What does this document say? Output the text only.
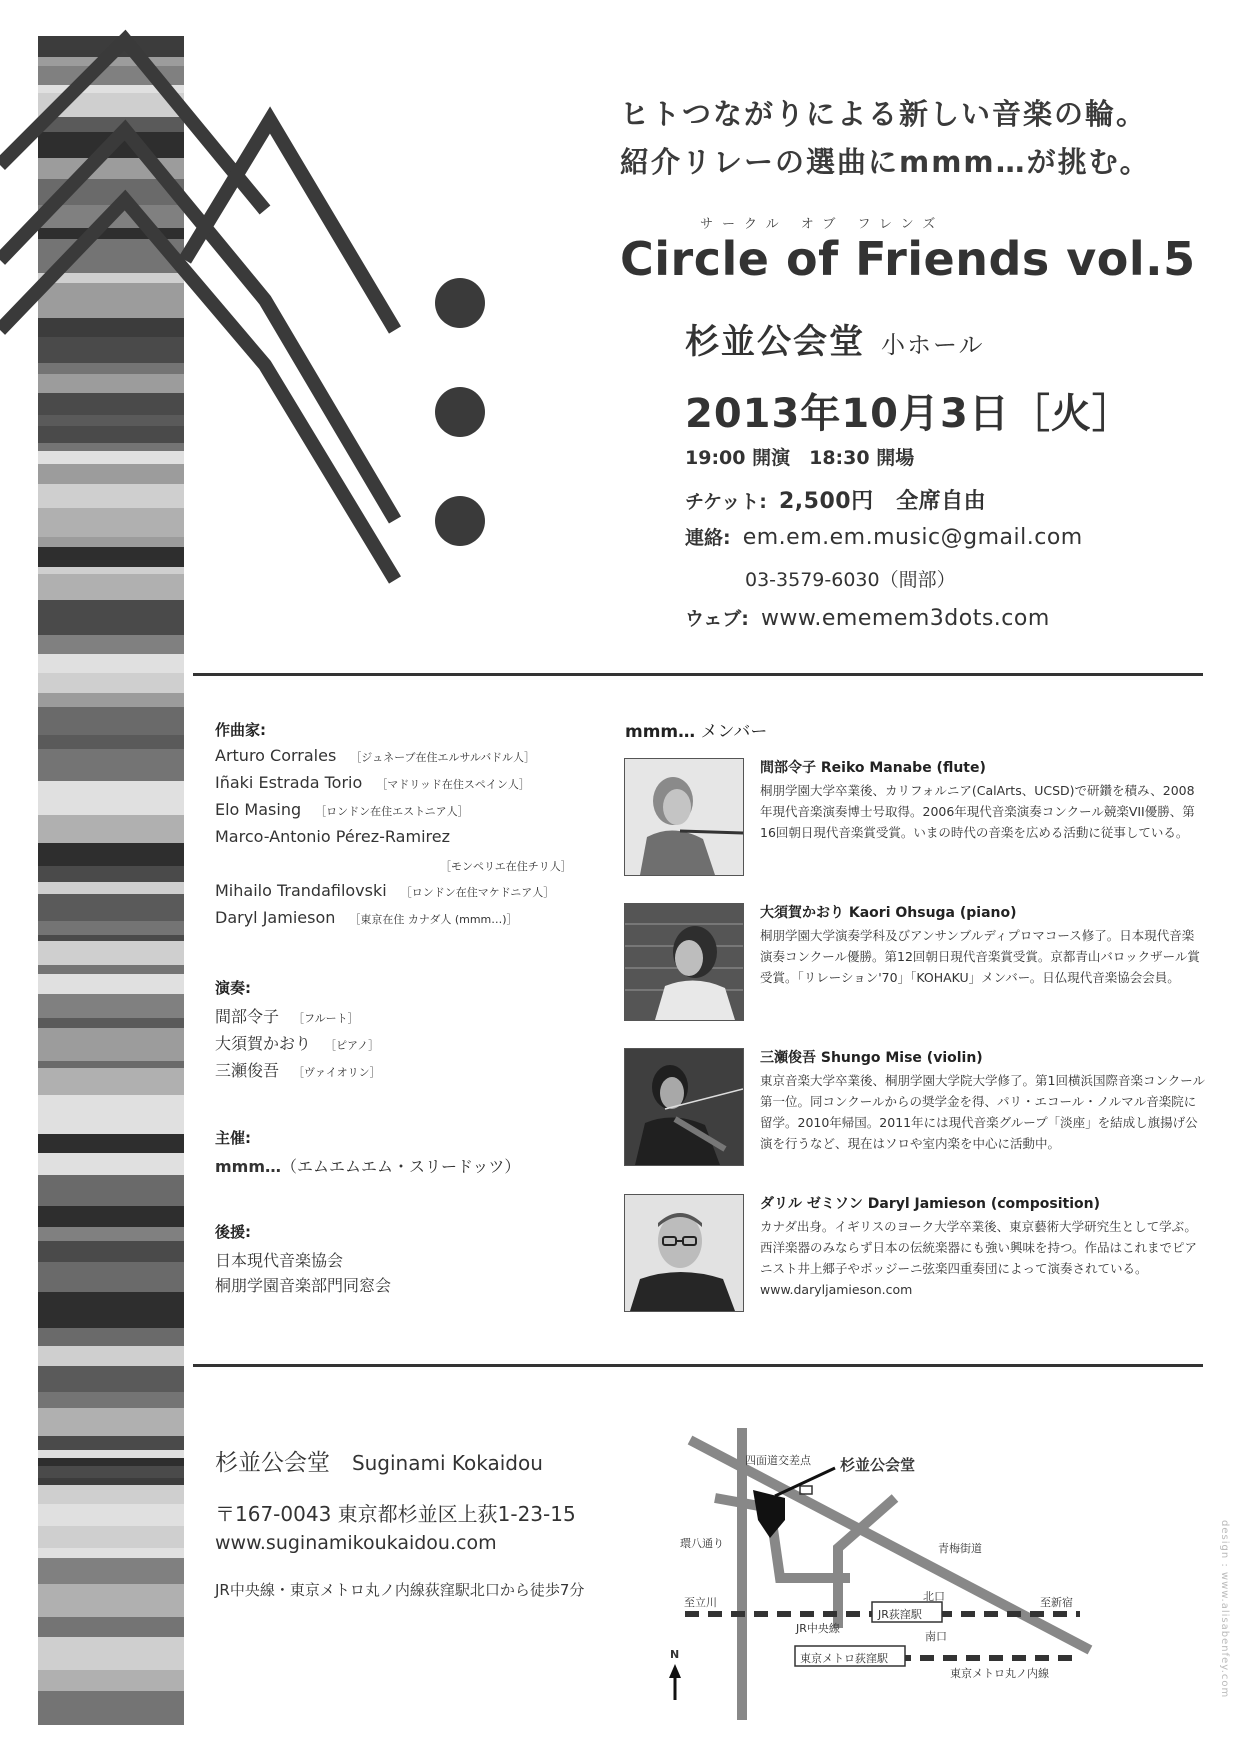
ヒトつながりによる新しい音楽の輪。
紹介リレーの選曲にmmm…が挑む。
サークル オブ フレンズ
Circle of Friends vol.5
杉並公会堂 小ホール
2013年10月3日［火］
19:00 開演　18:30 開場
チケット: 2,500円　全席自由
連絡: em.em.em.music@gmail.com
03-3579-6030（間部）
ウェブ: www.ememem3dots.com
作曲家:
Arturo Corrales ［ジュネーブ在住エルサルバドル人］
Iñaki Estrada Torio ［マドリッド在住スペイン人］
Elo Masing ［ロンドン在住エストニア人］
Marco-Antonio Pérez-Ramirez
［モンペリエ在住チリ人］
Mihailo Trandafilovski ［ロンドン在住マケドニア人］
Daryl Jamieson ［東京在住 カナダ人 (mmm…)］
演奏:
間部令子 ［フルート］
大須賀かおり ［ピアノ］
三瀬俊吾 ［ヴァイオリン］
主催:
mmm…（エムエムエム・スリードッツ）
後援:
日本現代音楽協会
桐朋学園音楽部門同窓会
mmm… メンバー
間部令子 Reiko Manabe (flute)
桐朋学園大学卒業後、カリフォルニア(CalArts、UCSD)で研鑽を積み、2008年現代音楽演奏博士号取得。2006年現代音楽演奏コンクール競楽VII優勝、第16回朝日現代音楽賞受賞。いまの時代の音楽を広める活動に従事している。
大須賀かおり Kaori Ohsuga (piano)
桐朋学園大学演奏学科及びアンサンブルディプロマコース修了。日本現代音楽演奏コンクール優勝。第12回朝日現代音楽賞受賞。京都青山バロックザール賞受賞。「リレーション'70」「KOHAKU」メンバー。日仏現代音楽協会会員。
三瀬俊吾 Shungo Mise (violin)
東京音楽大学卒業後、桐朋学園大学院大学修了。第1回横浜国際音楽コンクール第一位。同コンクールからの奨学金を得、パリ・エコール・ノルマル音楽院に留学。2010年帰国。2011年には現代音楽グループ「淡座」を結成し旗揚げ公演を行うなど、現在はソロや室内楽を中心に活動中。
ダリル ゼミソン Daryl Jamieson (composition)
カナダ出身。イギリスのヨーク大学卒業後、東京藝術大学研究生として学ぶ。西洋楽器のみならず日本の伝統楽器にも強い興味を持つ。作品はこれまでピアニスト井上郷子やボッジーニ弦楽四重奏団によって演奏されている。www.daryljamieson.com
杉並公会堂 Suginami Kokaidou
〒167-0043 東京都杉並区上荻1-23-15
www.suginamikoukaidou.com
JR中央線・東京メトロ丸ノ内線荻窪駅北口から徒歩7分
杉並公会堂
四面道交差点
環八通り	青梅街道
至立川	至新宿
北口
JR荻窪駅
南口
JR中央線
東京メトロ荻窪駅
東京メトロ丸ノ内線
N	design : www.alisabenfey.com
